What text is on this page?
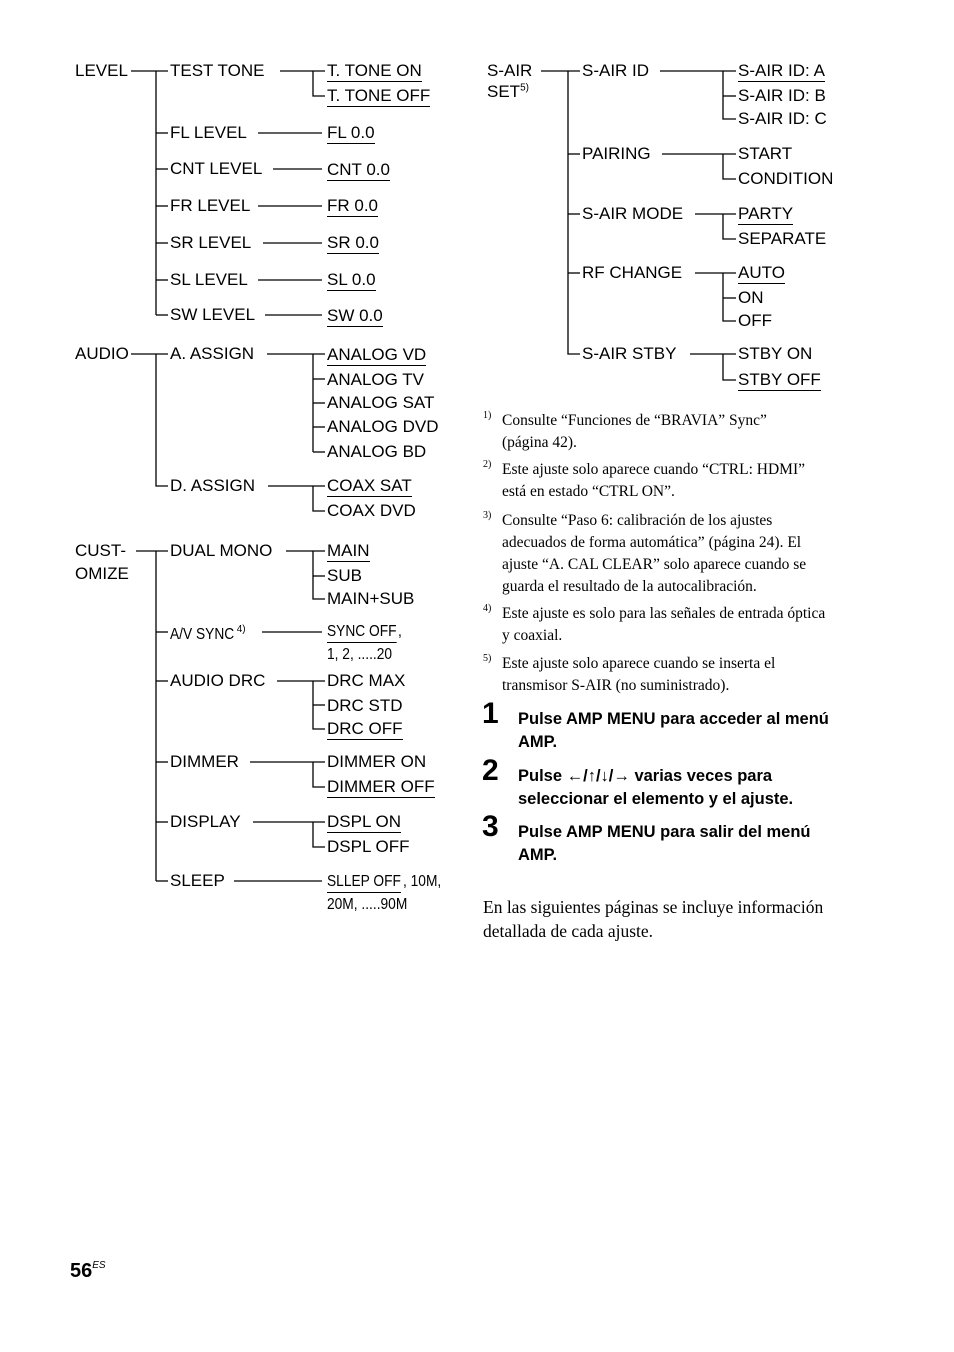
LEVEL TEST TONE	T. TONE ON
T. TONE OFF
FL LEVEL	FL 0.0
CNT LEVEL	CNT 0.0
FR LEVEL	FR 0.0
SR LEVEL	SR 0.0
SL LEVEL	SL 0.0
SW LEVEL	SW 0.0
AUDIO A. ASSIGN	ANALOG VD
ANALOG TV
ANALOG SAT
ANALOG DVD
ANALOG BD
D. ASSIGN	COAX SAT
COAX DVD
CUST-
OMIZE
DUAL MONO	MAIN
SUB
MAIN+SUB
A/V SYNC $^{4)}$	SYNC OFF,
1, 2, .....20
AUDIO DRC	DRC MAX
DRC STD
DRC OFF
DIMMER	DIMMER ON
DIMMER OFF
DISPLAY	DSPL ON
DSPL OFF
SLEEP	SLLEP OFF , 10M,
20M, .....90M
S-AIR
SET$^{5)}$
S-AIR ID	S-AIR ID: A
S-AIR ID: B
S-AIR ID: C
PAIRING	START
CONDITION
S-AIR MODE	PARTY
SEPARATE
RF CHANGE	AUTO
ON
OFF
S-AIR STBY	STBY ON
STBY OFF
1) Consulte “Funciones de “BRAVIA” Sync”
(página 42).
2) Este ajuste solo aparece cuando “CTRL: HDMI”
está en estado “CTRL ON”.
3) Consulte “Paso 6: calibración de los ajustes
adecuados de forma automática” (página 24). El
ajuste “A. CAL CLEAR” solo aparece cuando se
guarda el resultado de la autocalibración.
4) Este ajuste es solo para las señales de entrada óptica
y coaxial.
5) Este ajuste solo aparece cuando se inserta el
transmisor S-AIR (no suministrado).
1 Pulse AMP MENU para acceder al menú
AMP.
2 Pulse ←/↑/↓/→ varias veces para
seleccionar el elemento y el ajuste.
3 Pulse AMP MENU para salir del menú
AMP.
En las siguientes páginas se incluye información
detallada de cada ajuste.
$56^{ES}$
